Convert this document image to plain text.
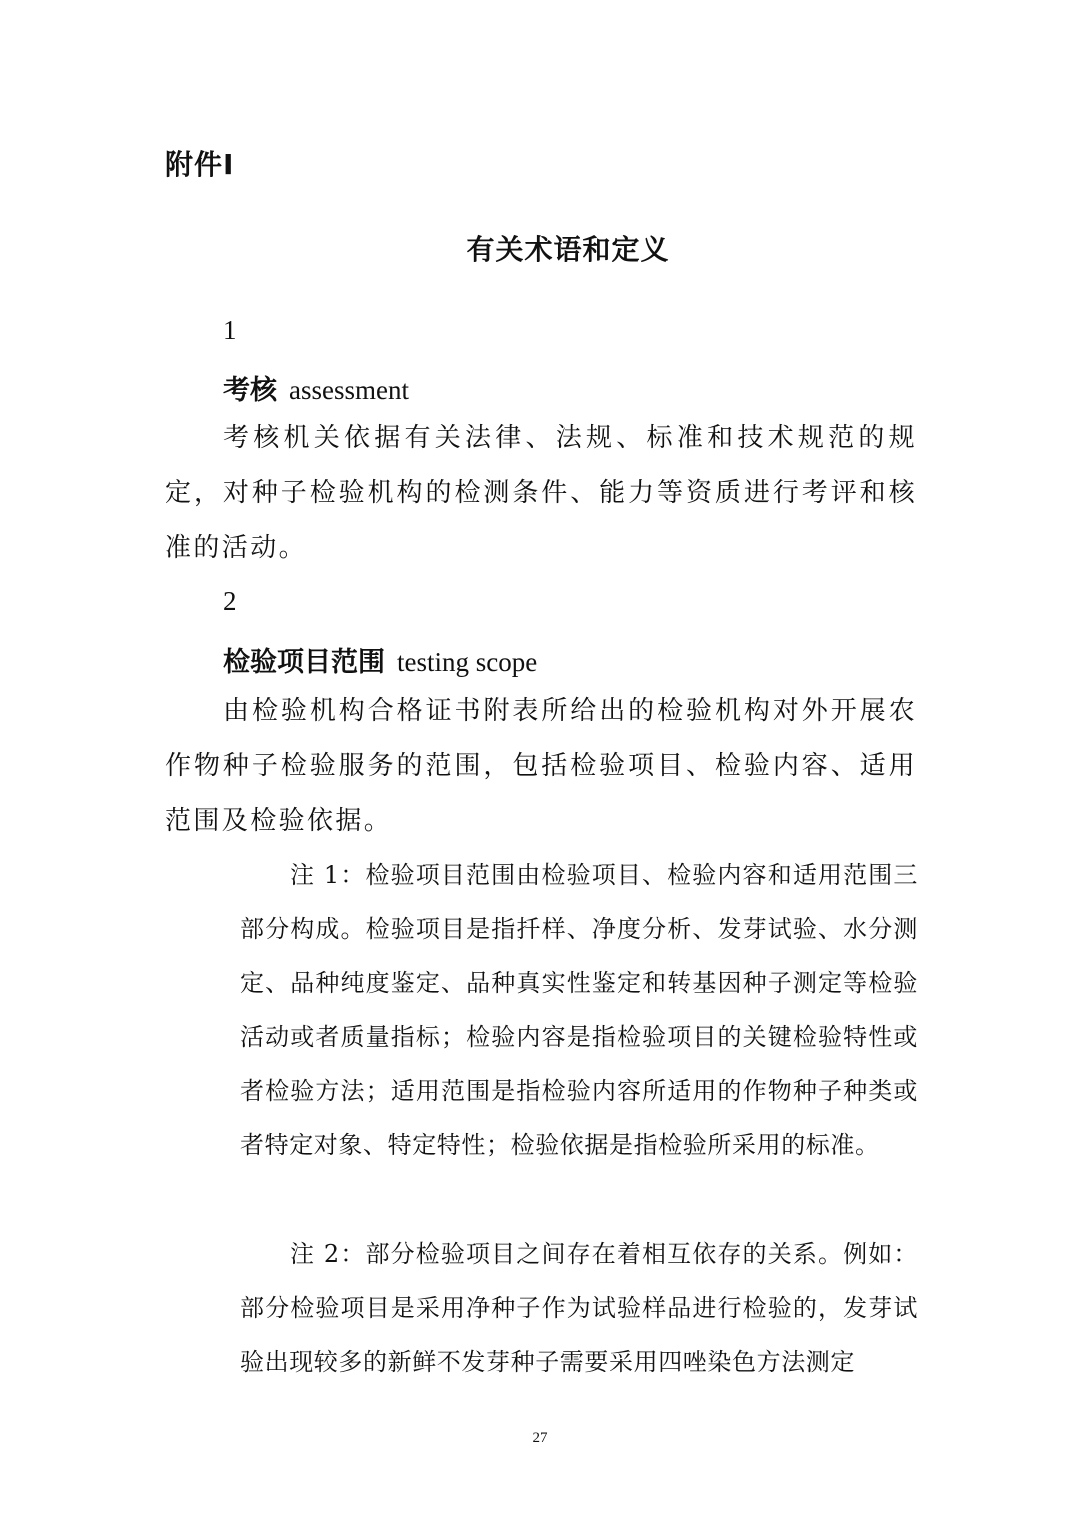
附件Ⅰ
有关术语和定义
1
考核 assessment

考核机关依据有关法律、法规、标准和技术规范的规定，对种子检验机构的检测条件、能力等资质进行考评和核准的活动。

2
检验项目范围 testing scope

由检验机构合格证书附表所给出的检验机构对外开展农作物种子检验服务的范围，包括检验项目、检验内容、适用范围及检验依据。

注 1：检验项目范围由检验项目、检验内容和适用范围三部分构成。检验项目是指扦样、净度分析、发芽试验、水分测定、品种纯度鉴定、品种真实性鉴定和转基因种子测定等检验活动或者质量指标；检验内容是指检验项目的关键检验特性或者检验方法；适用范围是指检验内容所适用的作物种子种类或者特定对象、特定特性；检验依据是指检验所采用的标准。

注 2：部分检验项目之间存在着相互依存的关系。例如：部分检验项目是采用净种子作为试验样品进行检验的，发芽试验出现较多的新鲜不发芽种子需要采用四唑染色方法测定

27
